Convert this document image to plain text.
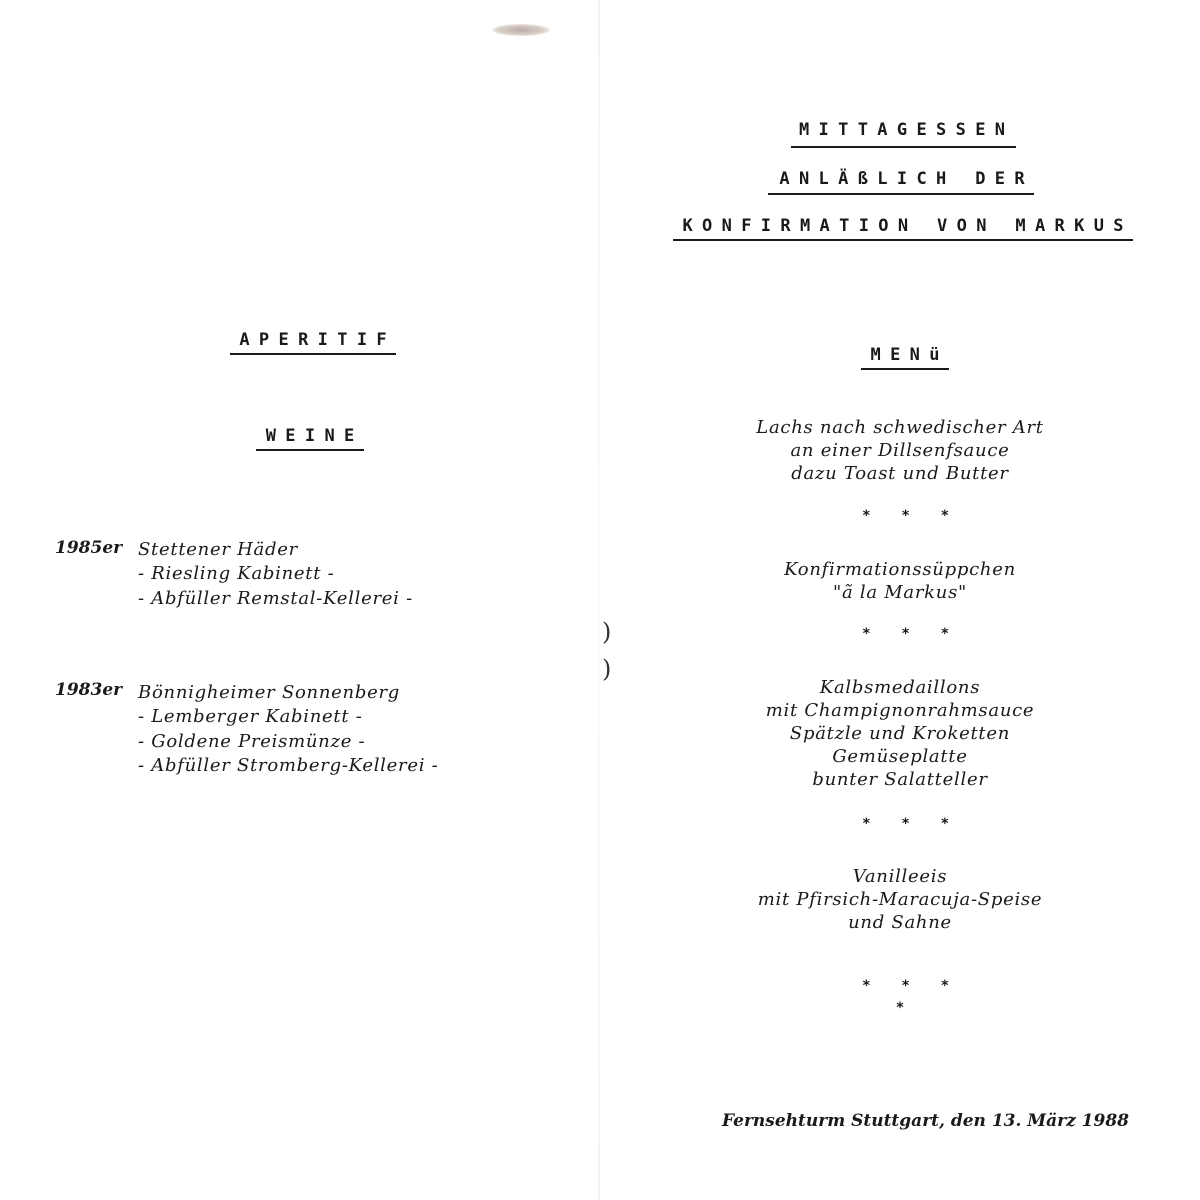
)
)
APERITIF
WEINE
1985er Stettener Häder
- Riesling Kabinett -
- Abfüller Remstal-Kellerei -
1983er Bönnigheimer Sonnenberg
- Lemberger Kabinett -
- Goldene Preismünze -
- Abfüller Stromberg-Kellerei -
MITTAGESSEN
ANLÄßLICH DER
KONFIRMATION VON MARKUS
MENü
Lachs nach schwedischer Art
an einer Dillsenfsauce
dazu Toast und Butter
* * *
Konfirmationssüppchen
"ã la Markus"
* * *
Kalbsmedaillons
mit Champignonrahmsauce
Spätzle und Kroketten
Gemüseplatte
bunter Salatteller
* * *
Vanilleeis
mit Pfirsich-Maracuja-Speise
und Sahne
* * *
*
Fernsehturm Stuttgart, den 13. März 1988
